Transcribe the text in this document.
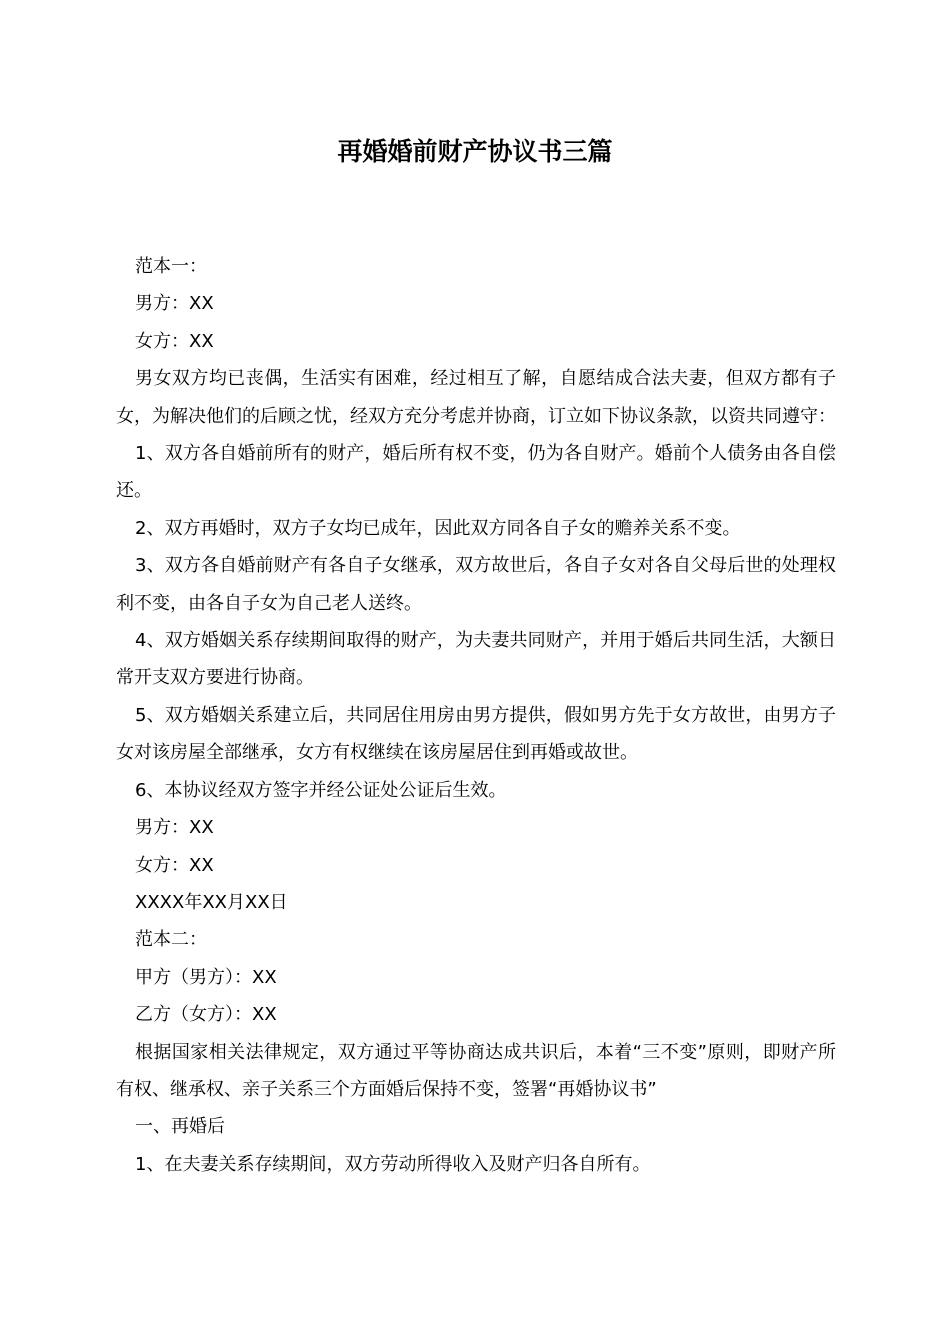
再婚婚前财产协议书三篇

范本一：

男方：XX

女方：XX

男女双方均已丧偶，生活实有困难，经过相互了解，自愿结成合法夫妻，但双方都有子女，为解决他们的后顾之忧，经双方充分考虑并协商，订立如下协议条款，以资共同遵守：

1、双方各自婚前所有的财产，婚后所有权不变，仍为各自财产。婚前个人债务由各自偿还。

2、双方再婚时，双方子女均已成年，因此双方同各自子女的赡养关系不变。

3、双方各自婚前财产有各自子女继承，双方故世后，各自子女对各自父母后世的处理权利不变，由各自子女为自己老人送终。

4、双方婚姻关系存续期间取得的财产，为夫妻共同财产，并用于婚后共同生活，大额日常开支双方要进行协商。

5、双方婚姻关系建立后，共同居住用房由男方提供，假如男方先于女方故世，由男方子女对该房屋全部继承，女方有权继续在该房屋居住到再婚或故世。

6、本协议经双方签字并经公证处公证后生效。

男方：XX

女方：XX

XXXX年XX月XX日

范本二：

甲方（男方）：XX

乙方（女方）：XX

根据国家相关法律规定，双方通过平等协商达成共识后，本着“三不变”原则，即财产所有权、继承权、亲子关系三个方面婚后保持不变，签署“再婚协议书”

一、再婚后

1、在夫妻关系存续期间，双方劳动所得收入及财产归各自所有。
